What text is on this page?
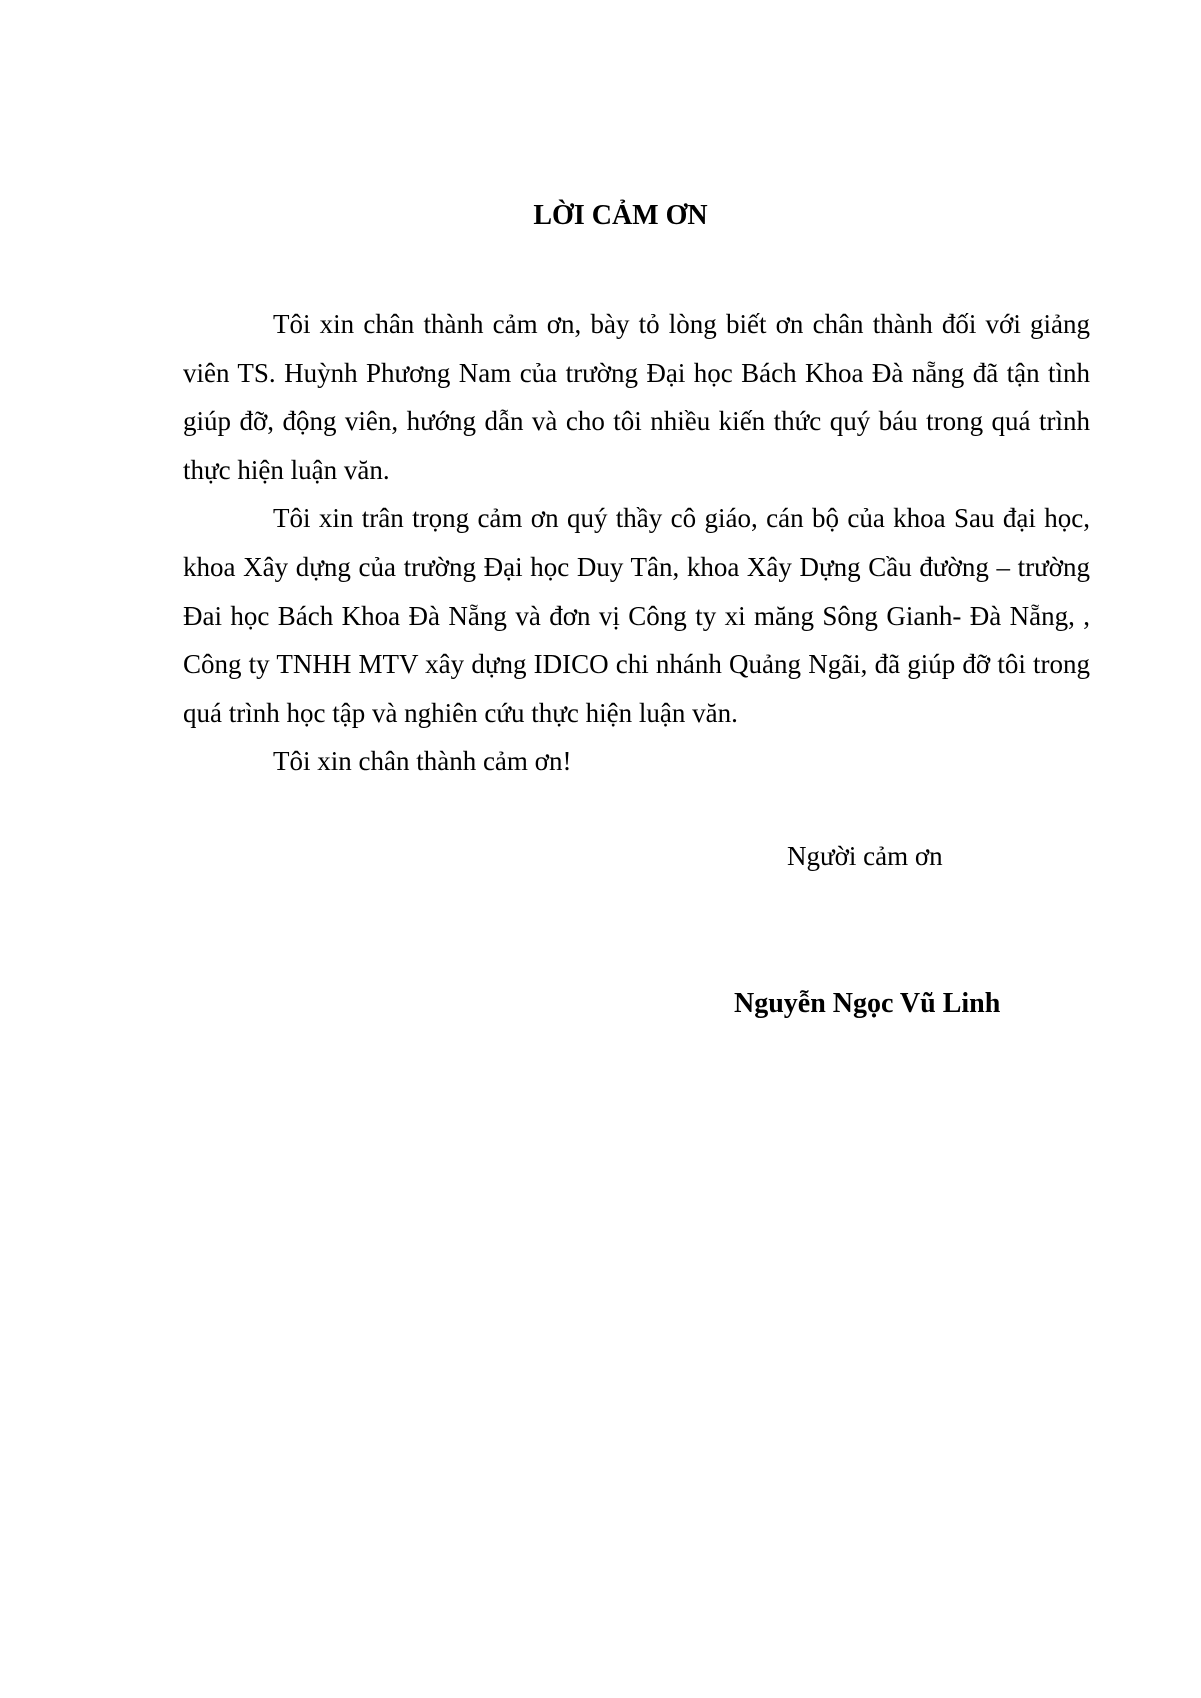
LỜI CẢM ƠN

Tôi xin chân thành cảm ơn, bày tỏ lòng biết ơn chân thành đối với giảng viên TS. Huỳnh Phương Nam của trường Đại học Bách Khoa Đà nẵng đã tận tình giúp đỡ, động viên, hướng dẫn và cho tôi nhiều kiến thức quý báu trong quá trình thực hiện luận văn.

Tôi xin trân trọng cảm ơn quý thầy cô giáo, cán bộ của khoa Sau đại học, khoa Xây dựng của trường Đại học Duy Tân, khoa Xây Dựng Cầu đường – trường Đai học Bách Khoa Đà Nẵng và đơn vị Công ty xi măng Sông Gianh- Đà Nẵng, , Công ty TNHH MTV xây dựng IDICO chi nhánh Quảng Ngãi, đã giúp đỡ tôi trong quá trình học tập và nghiên cứu thực hiện luận văn.

Tôi xin chân thành cảm ơn!

Người cảm ơn
Nguyễn Ngọc Vũ Linh
